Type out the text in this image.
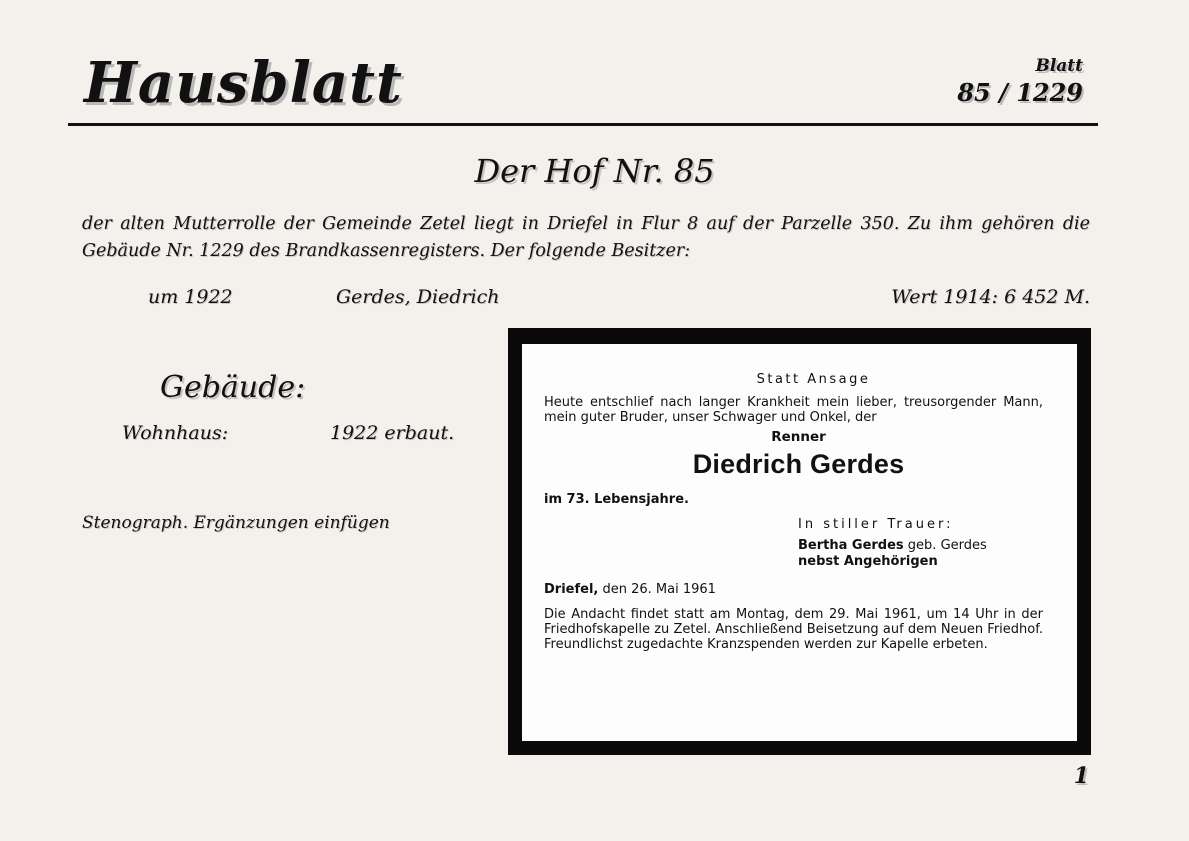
Hausblatt	Blatt
85 / 1229
Der Hof Nr. 85
der alten Mutterrolle der Gemeinde Zetel liegt in Driefel in Flur 8 auf der Parzelle 350. Zu ihm gehören die Gebäude Nr. 1229 des Brandkassenregisters. Der folgende Besitzer:
um 1922	Gerdes, Diedrich	Wert 1914: 6 452 M.
Gebäude:
Wohnhaus:	1922 erbaut.
Stenograph. Ergänzungen einfügen
Statt Ansage
Heute entschlief nach langer Krankheit mein lieber, treusorgender Mann, mein guter Bruder, unser Schwager und Onkel, der
Renner
Diedrich Gerdes
im 73. Lebensjahre.
In stiller Trauer:
Bertha Gerdes geb. Gerdes
nebst Angehörigen
Driefel, den 26. Mai 1961
Die Andacht findet statt am Montag, dem 29. Mai 1961, um 14 Uhr in der Friedhofskapelle zu Zetel. Anschließend Beisetzung auf dem Neuen Friedhof. Freundlichst zugedachte Kranzspenden werden zur Kapelle erbeten.
1
